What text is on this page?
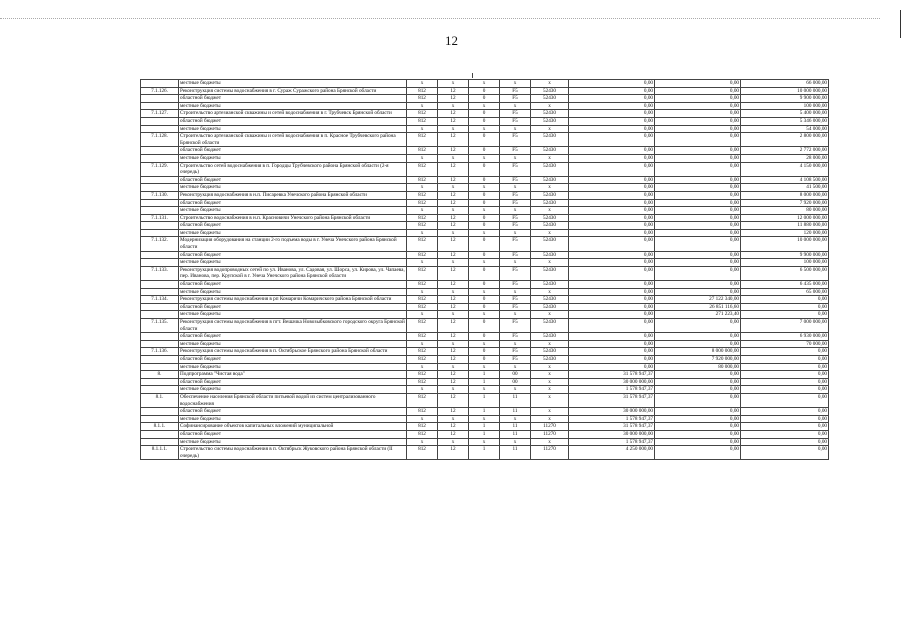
12
	местные бюджеты	x	x	x	x	x	0,00	0,00	66 000,00
7.1.126.	Реконструкция системы водоснабжения в г. Сураж Суражского района Брянской области	812	12	0	F5	52430	0,00	0,00	10 000 000,00
	областной бюджет	812	12	0	F5	52430	0,00	0,00	9 900 000,00
	местные бюджеты	x	x	x	x	x	0,00	0,00	100 000,00
7.1.127.	Строительство артезианской скважины и сетей водоснабжения в г. Трубчевск Брянской области	812	12	0	F5	52430	0,00	0,00	5 400 000,00
	областной бюджет	812	12	0	F5	52430	0,00	0,00	5 346 000,00
	местные бюджеты	x	x	x	x	x	0,00	0,00	54 000,00
7.1.128.	Строительство артезианской скважины и сетей водоснабжения в п. Красное Трубчевского района Брянской области	812	12	0	F5	52430	0,00	0,00	2 800 000,00
	областной бюджет	812	12	0	F5	52430	0,00	0,00	2 772 000,00
	местные бюджеты	x	x	x	x	x	0,00	0,00	28 000,00
7.1.129.	Строительство сетей водоснабжения в п. Городцы Трубчевского района Брянской области (2-я очередь)	812	12	0	F5	52430	0,00	0,00	4 150 000,00
	областной бюджет	812	12	0	F5	52430	0,00	0,00	4 108 500,00
	местные бюджеты	x	x	x	x	x	0,00	0,00	41 500,00
7.1.130.	Реконструкция водоснабжения в н.п. Писаревка Унечского района Брянской области	812	12	0	F5	52430	0,00	0,00	8 000 000,00
	областной бюджет	812	12	0	F5	52430	0,00	0,00	7 920 000,00
	местные бюджеты	x	x	x	x	x	0,00	0,00	80 000,00
7.1.131.	Строительство водоснабжения в н.п. Красновичи Унечского района Брянской области	812	12	0	F5	52430	0,00	0,00	12 000 000,00
	областной бюджет	812	12	0	F5	52430	0,00	0,00	11 880 000,00
	местные бюджеты	x	x	x	x	x	0,00	0,00	120 000,00
7.1.132.	Модернизация оборудования на станции 2-го подъема воды в г. Унеча Унечского района Брянской области	812	12	0	F5	52430	0,00	0,00	10 000 000,00
	областной бюджет	812	12	0	F5	52430	0,00	0,00	9 900 000,00
	местные бюджеты	x	x	x	x	x	0,00	0,00	100 000,00
7.1.133.	Реконструкция водопроводных сетей по ул. Иванова, ул. Садовая, ул. Шорса, ул. Кирова, ул. Чапаева, пер. Иванова, пер. Крупской в г. Унеча Унечского района Брянской области	812	12	0	F5	52430	0,00	0,00	6 500 000,00
	областной бюджет	812	12	0	F5	52430	0,00	0,00	6 435 000,00
	местные бюджеты	x	x	x	x	x	0,00	0,00	65 000,00
7.1.134.	Реконструкция системы водоснабжения в рп Комаричи Комаричского района Брянской области	812	12	0	F5	52430	0,00	27 122 340,00	0,00
	областной бюджет	812	12	0	F5	52430	0,00	26 851 116,60	0,00
	местные бюджеты	x	x	x	x	x	0,00	271 223,40	0,00
7.1.135.	Реконструкция системы водоснабжения в пгт. Вешачка Новозыбковского городского округа Брянской области	812	12	0	F5	52430	0,00	0,00	7 000 000,00
	областной бюджет	812	12	0	F5	52430	0,00	0,00	6 930 000,00
	местные бюджеты	x	x	x	x	x	0,00	0,00	70 000,00
7.1.136.	Реконструкция системы водоснабжения в п. Октябрьское Брянского района Брянской области	812	12	0	F5	52430	0,00	8 000 000,00	0,00
	областной бюджет	812	12	0	F5	52430	0,00	7 920 000,00	0,00
	местные бюджеты	x	x	x	x	x	0,00	80 000,00	0,00
8.	Подпрограмма "Чистая вода"	812	12	1	00	x	31 578 947,37	0,00	0,00
	областной бюджет	812	12	1	00	x	30 000 000,00	0,00	0,00
	местные бюджеты	x	x	x	x	x	1 578 947,37	0,00	0,00
8.1.	Обеспечение населения Брянской области питьевой водой из систем централизованного водоснабжения	812	12	1	11	x	31 578 947,37	0,00	0,00
	областной бюджет	812	12	1	11	x	30 000 000,00	0,00	0,00
	местные бюджеты	x	x	x	x	x	1 578 947,37	0,00	0,00
8.1.1.	Софинансирование объектов капитальных вложений муниципальной	812	12	1	11	11270	31 578 947,37	0,00	0,00
	областной бюджет	812	12	1	11	11270	30 000 000,00	0,00	0,00
	местные бюджеты	x	x	x	x	x	1 578 947,37	0,00	0,00
8.1.1.1.	Строительство системы водоснабжения в п. Октябрьск Жуковского района Брянской области (II очередь)	812	12	1	11	11270	4 250 000,00	0,00	0,00
